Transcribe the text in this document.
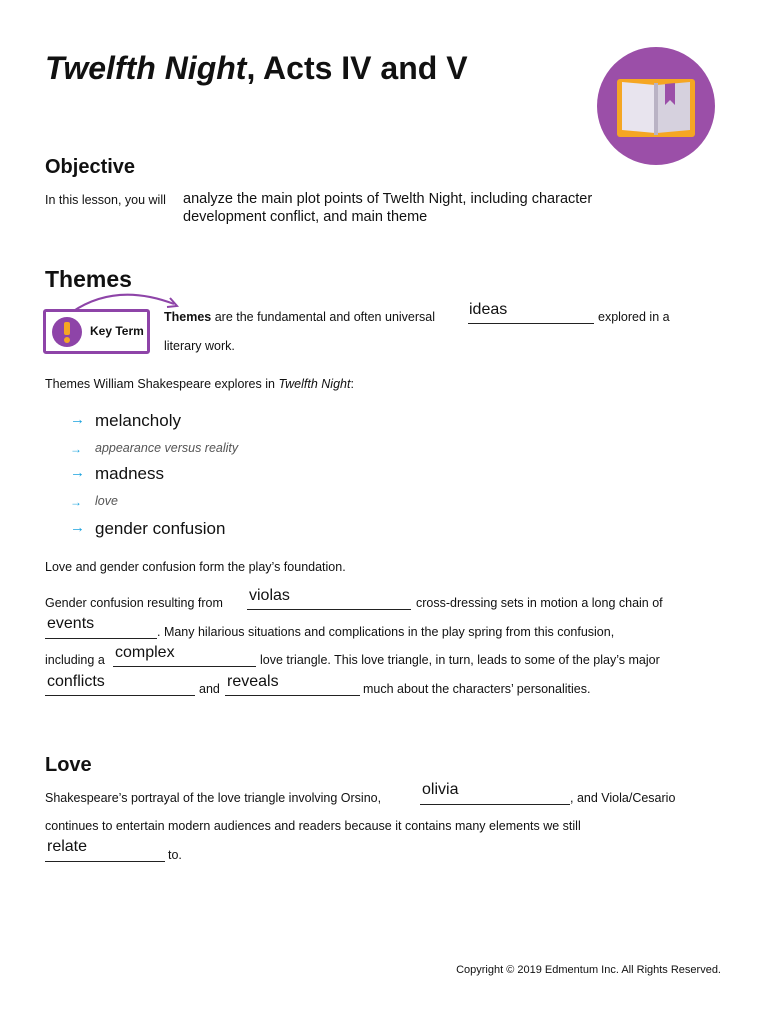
Twelfth Night, Acts IV and V
Objective
In this lesson, you will analyze the main plot points of Twelth Night, including character
development conflict, and main theme
Themes
Key Term
Themes are the fundamental and often universal ideas	explored in a
literary work.
Themes William Shakespeare explores in Twelfth Night:
→ melancholy
→ appearance versus reality
→ madness
→ love
→ gender confusion
Love and gender confusion form the play’s foundation.
Gender confusion resulting from violas	cross-dressing sets in motion a long chain of
events	. Many hilarious situations and complications in the play spring from this confusion,
including a complex	love triangle. This love triangle, in turn, leads to some of the play’s major
conflicts	and reveals	much about the characters’ personalities.
Love
Shakespeare’s portrayal of the love triangle involving Orsino,	olivia	, and Viola/Cesario
continues to entertain modern audiences and readers because it contains many elements we still
relate	to.
Copyright © 2019 Edmentum Inc. All Rights Reserved.
